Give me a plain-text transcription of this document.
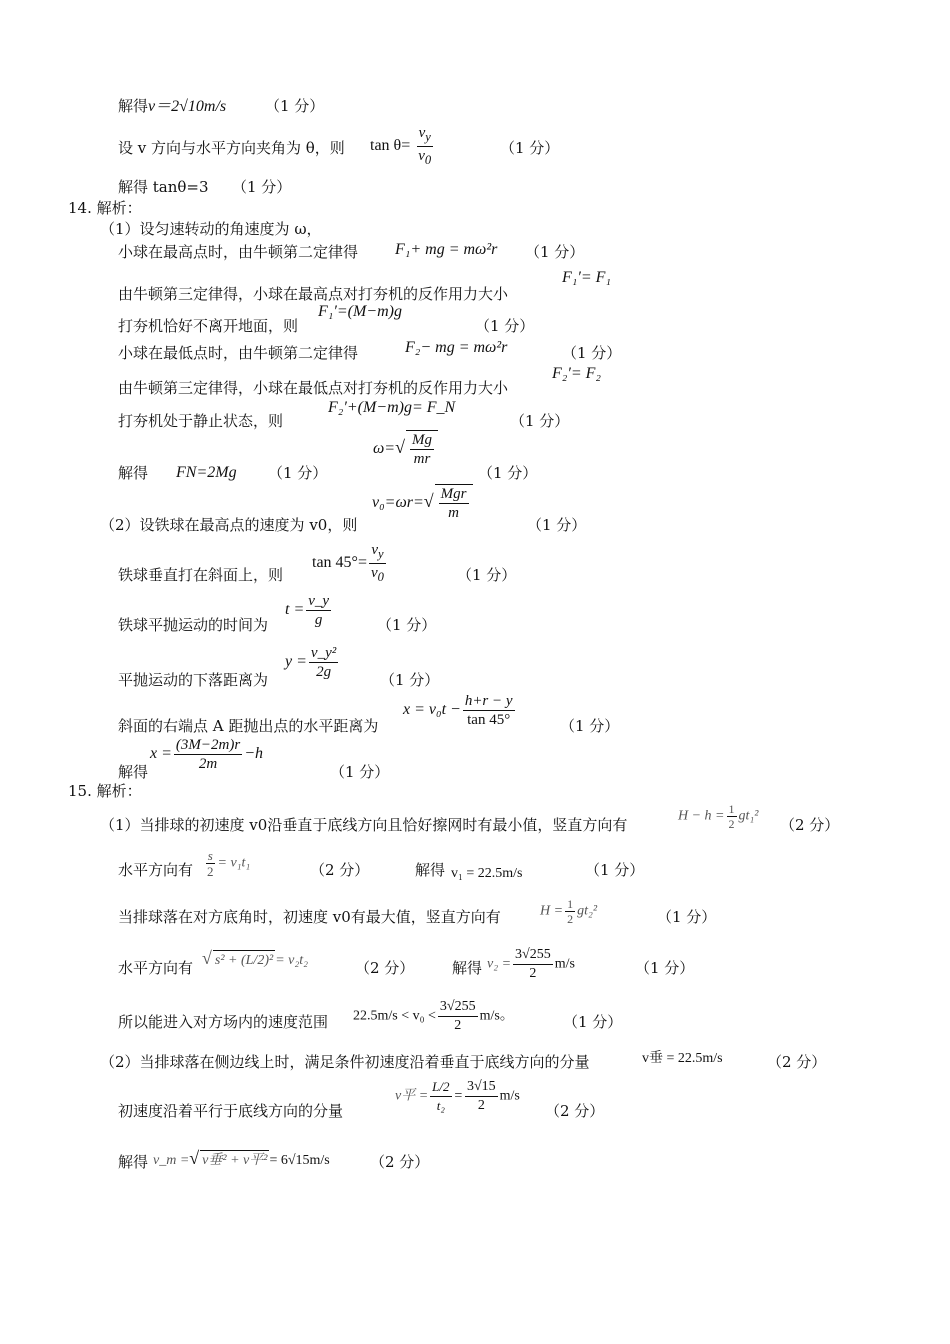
解得v＝2√10m/s	（1 分）
设 v 方向与水平方向夹角为 θ，则 $\tan \theta= \frac{v_y}{v_0}$	（1 分）
解得 tanθ=3 （1 分）
14. 解析：
（1）设匀速转动的角速度为 ω，
小球在最高点时，由牛顿第二定律得 F₁+ mg = mω²r （1 分）
由牛顿第三定律得，小球在最高点对打夯机的反作用力大小
F₁′= F₁
打夯机恰好不离开地面，则
F₁′=(M−m)g
（1 分）
小球在最低点时，由牛顿第二定律得	F₂− mg = mω²r	（1 分）
由牛顿第三定律得，小球在最低点对打夯机的反作用力大小
F₂′= F₂
打夯机处于静止状态，则
F₂′+(M−m)g= F_N
（1 分）
解得 FN=2Mg （1 分）
$\omega=√ \frac{Mg}{mr}$
（1 分）
（2）设铁球在最高点的速度为 v0，则
$v_0=\omega r=√ \frac{\text{Mgr}}{m}$
（1 分）
铁球垂直打在斜面上，则
$\tan 45^\circ= \frac{v_y}{v_0}$	（1 分）
铁球平抛运动的时间为
$t = \frac{v\_y}{g}$	（1 分）
平抛运动的下落距离为
$y = \frac{\text{v\_y²}}{2g}$	（1 分）
斜面的右端点 A 距抛出点的水平距离为
$x = v_0t - \frac{h+r - y}{\tan 45^\circ}$	（1 分）
解得
$x = \frac{(3M-2m)r}{2m} -h$
（1 分）
15. 解析：
（1）当排球的初速度 v0沿垂直于底线方向且恰好擦网时有最小值，竖直方向有	$H - h = \frac{1}{2} gt_1^2$ （2 分）
水平方向有 $\frac{s}{2} = v_1t_1$	（2 分）	解得 v₁ = 22.5m/s	（1 分）
当排球落在对方底角时，初速度 v0有最大值，竖直方向有	$H = \frac{1}{2} gt_2^2$	（1 分）
水平方向有 √ s² + (L/2)² = v₂t₂	（2 分）	解得 $v_2 = \frac{3√255}{2} m/s$	（1 分）
所以能进入对方场内的速度范围 $22.5m/s < v_0 < \frac{3√255}{2} m/s$。	（1 分）
（2）当排球落在侧边线上时，满足条件初速度沿着垂直于底线方向的分量	v垂 = 22.5m/s	（2 分）
初速度沿着平行于底线方向的分量
v平 = $\frac{L/2}{\text{t₂}} = \frac{3√15}{2} m/s$
（2 分）
解得 v_m =√ v垂² + v平² = 6√15m/s	（2 分）
